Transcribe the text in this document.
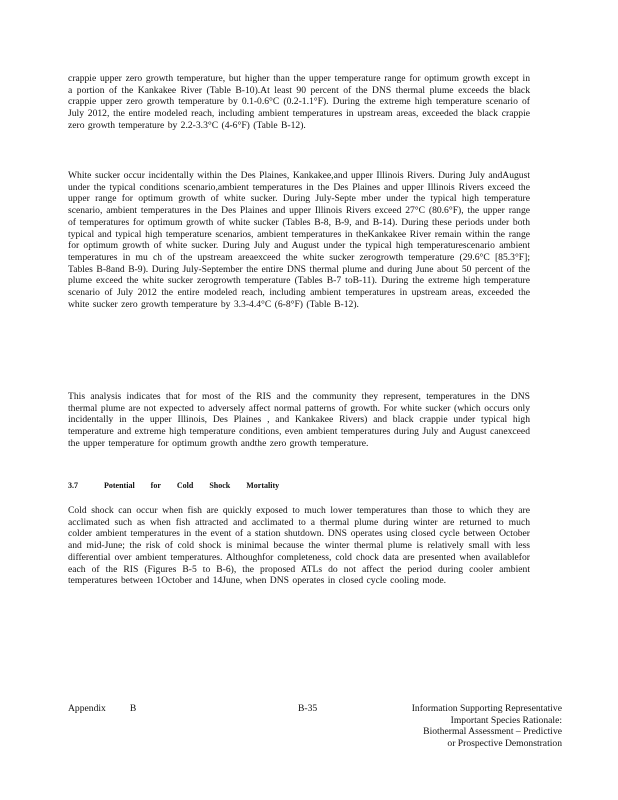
crappie upper zero growth temperature, but higher than the upper temperature range for optimum growth except in a portion of the Kankakee River (Table B-10).At least 90 percent of the DNS thermal plume exceeds the black crappie upper zero growth temperature by 0.1-0.6°C (0.2-1.1°F). During the extreme high temperature scenario of July 2012, the entire modeled reach, including ambient temperatures in upstream areas, exceeded the black crappie zero growth temperature by 2.2-3.3°C (4-6°F) (Table B-12).

White sucker occur incidentally within the Des Plaines, Kankakee,and upper Illinois Rivers. During July andAugust under the typical conditions scenario,ambient temperatures in the Des Plaines and upper Illinois Rivers exceed the upper range for optimum growth of white sucker. During July-Septe mber under the typical high temperature scenario, ambient temperatures in the Des Plaines and upper Illinois Rivers exceed 27°C (80.6°F), the upper range of temperatures for optimum growth of white sucker (Tables B-8, B-9, and B-14). During these periods under both typical and typical high temperature scenarios, ambient temperatures in theKankakee River remain within the range for optimum growth of white sucker. During July and August under the typical high temperaturescenario ambient temperatures in mu ch of the upstream areaexceed the white sucker zerogrowth temperature (29.6°C [85.3°F]; Tables B-8and B-9). During July-September the entire DNS thermal plume and during June about 50 percent of the plume exceed the white sucker zerogrowth temperature (Tables B-7 toB-11). During the extreme high temperature scenario of July 2012 the entire modeled reach, including ambient temperatures in upstream areas, exceeded the white sucker zero growth temperature by 3.3-4.4°C (6-8°F) (Table B-12).

This analysis indicates that for most of the RIS and the community they represent, temperatures in the DNS thermal plume are not expected to adversely affect normal patterns of growth. For white sucker (which occurs only incidentally in the upper Illinois, Des Plaines , and Kankakee Rivers) and black crappie under typical high temperature and extreme high temperature conditions, even ambient temperatures during July and August canexceed the upper temperature for optimum growth andthe zero growth temperature.

3.7	Potential for Cold Shock Mortality

Cold shock can occur when fish are quickly exposed to much lower temperatures than those to which they are acclimated such as when fish attracted and acclimated to a thermal plume during winter are returned to much colder ambient temperatures in the event of a station shutdown. DNS operates using closed cycle between October and mid-June; the risk of cold shock is minimal because the winter thermal plume is relatively small with less differential over ambient temperatures. Althoughfor completeness, cold chock data are presented when availablefor each of the RIS (Figures B-5 to B-6), the proposed ATLs do not affect the period during cooler ambient temperatures between 1October and 14June, when DNS operates in closed cycle cooling mode.

Appendix	B	B-35	Information Supporting Representative
Important Species Rationale:
Biothermal Assessment – Predictive
or Prospective Demonstration
